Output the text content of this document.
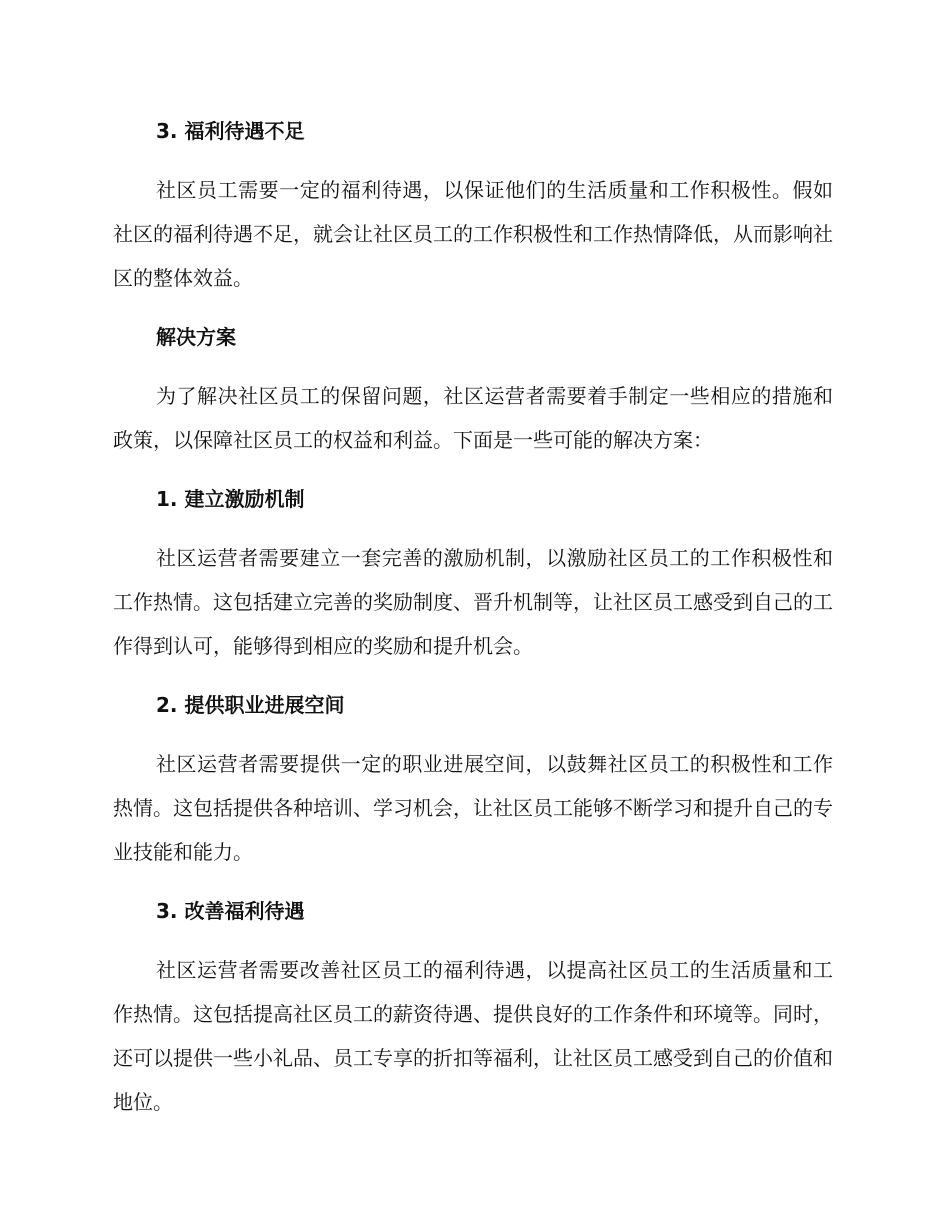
3. 福利待遇不足

社区员工需要一定的福利待遇，以保证他们的生活质量和工作积极性。假如社区的福利待遇不足，就会让社区员工的工作积极性和工作热情降低，从而影响社区的整体效益。

解决方案

为了解决社区员工的保留问题，社区运营者需要着手制定一些相应的措施和政策，以保障社区员工的权益和利益。下面是一些可能的解决方案：

1. 建立激励机制

社区运营者需要建立一套完善的激励机制，以激励社区员工的工作积极性和工作热情。这包括建立完善的奖励制度、晋升机制等，让社区员工感受到自己的工作得到认可，能够得到相应的奖励和提升机会。

2. 提供职业进展空间

社区运营者需要提供一定的职业进展空间，以鼓舞社区员工的积极性和工作热情。这包括提供各种培训、学习机会，让社区员工能够不断学习和提升自己的专业技能和能力。

3. 改善福利待遇

社区运营者需要改善社区员工的福利待遇，以提高社区员工的生活质量和工作热情。这包括提高社区员工的薪资待遇、提供良好的工作条件和环境等。同时，还可以提供一些小礼品、员工专享的折扣等福利，让社区员工感受到自己的价值和地位。
